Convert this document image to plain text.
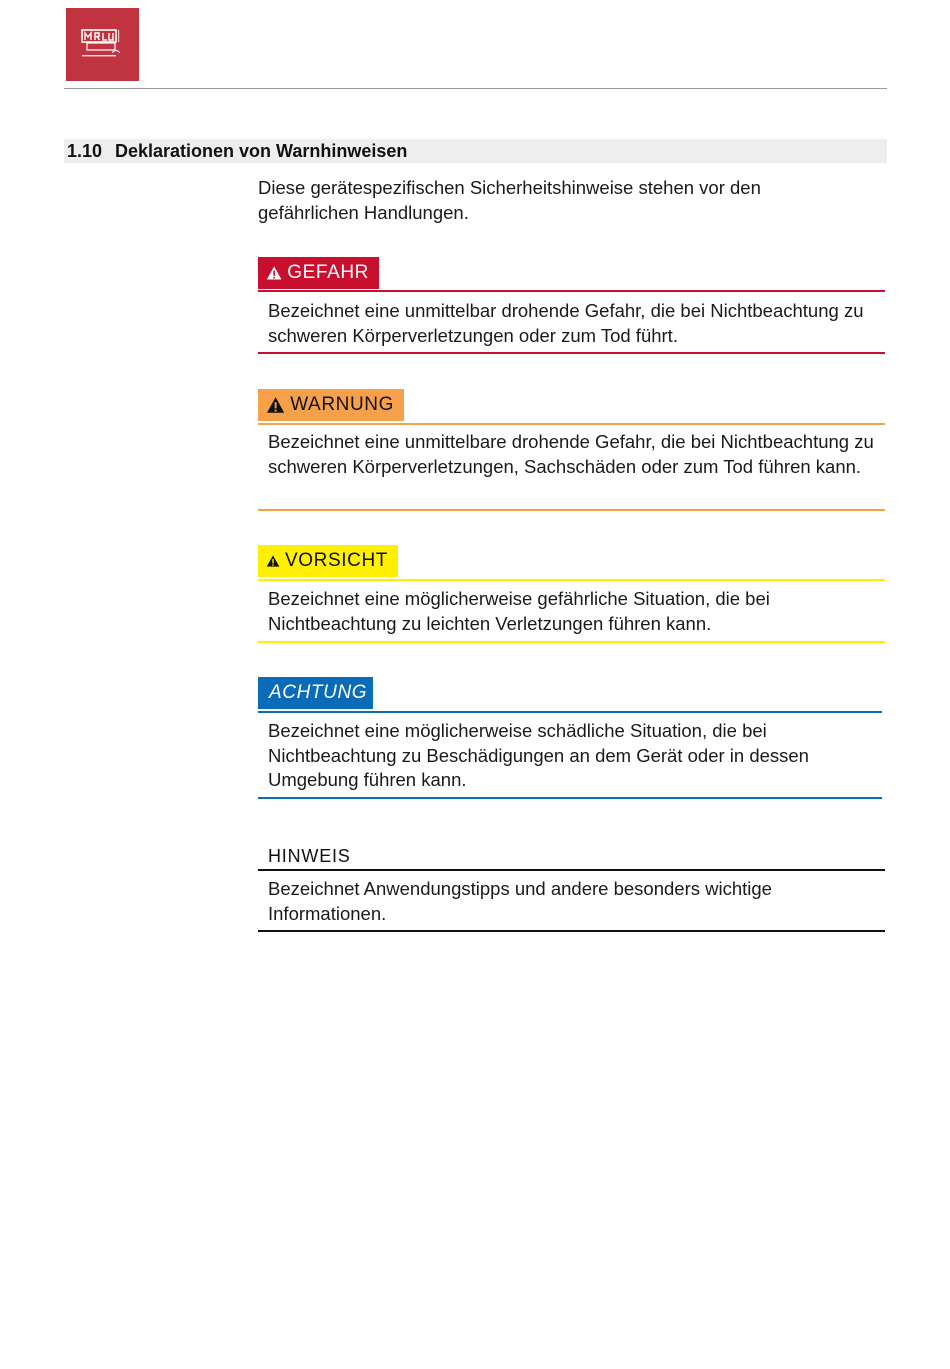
1.10 Deklarationen von Warnhinweisen
Diese gerätespezifischen Sicherheitshinweise stehen vor den gefährlichen Handlungen.
GEFAHR
Bezeichnet eine unmittelbar drohende Gefahr, die bei Nichtbeachtung zu schweren Körperverletzungen oder zum Tod führt.
WARNUNG
Bezeichnet eine unmittelbare drohende Gefahr, die bei Nichtbeachtung zu schweren Körperverletzungen, Sachschäden oder zum Tod führen kann.
VORSICHT
Bezeichnet eine möglicherweise gefährliche Situation, die bei Nichtbeachtung zu leichten Verletzungen führen kann.
ACHTUNG
Bezeichnet eine möglicherweise schädliche Situation, die bei Nichtbeachtung zu Beschädigungen an dem Gerät oder in dessen Umgebung führen kann.
HINWEIS
Bezeichnet Anwendungstipps und andere besonders wichtige Informationen.
